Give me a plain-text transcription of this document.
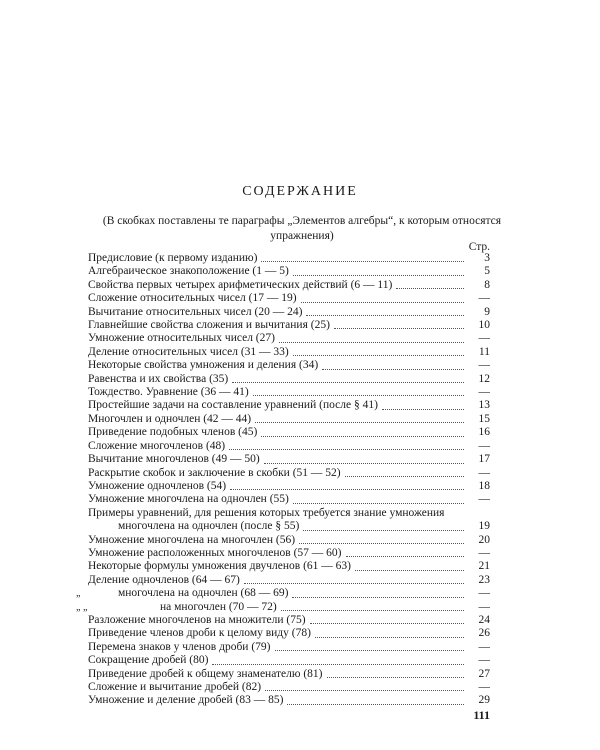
СОДЕРЖАНИЕ
(В скобках поставлены те параграфы „Элементов алгебры“, к которым относятся упражнения)
Стр.
Предисловие (к первому изданию)	3
Алгебраическое знакоположение (1 — 5)	5
Свойства первых четырех арифметических действий (6 — 11)	8
Сложение относительных чисел (17 — 19)	—
Вычитание относительных чисел (20 — 24)	9
Главнейшие свойства сложения и вычитания (25)	10
Умножение относительных чисел (27)	—
Деление относительных чисел (31 — 33)	11
Некоторые свойства умножения и деления (34)	—
Равенства и их свойства (35)	12
Тождество. Уравнение (36 — 41)	—
Простейшие задачи на составление уравнений (после § 41)	13
Многочлен и одночлен (42 — 44)	15
Приведение подобных членов (45)	16
Сложение многочленов (48)	—
Вычитание многочленов (49 — 50)	17
Раскрытие скобок и заключение в скобки (51 — 52)	—
Умножение одночленов (54)	18
Умножение многочлена на одночлен (55)	—
Примеры уравнений, для решения которых требуется знание умножения
многочлена на одночлен (после § 55)	19
Умножение многочлена на многочлен (56)	20
Умножение расположенных многочленов (57 — 60)	—
Некоторые формулы умножения двучленов (61 — 63)	21
Деление одночленов (64 — 67)	23
„	многочлена на одночлен (68 — 69)	—
„ „	на многочлен (70 — 72)	—
Разложение многочленов на множители (75)	24
Приведение членов дроби к целому виду (78)	26
Перемена знаков у членов дроби (79)	—
Сокращение дробей (80)	—
Приведение дробей к общему знаменателю (81)	27
Сложение и вычитание дробей (82)	—
Умножение и деление дробей (83 — 85)	29
111
